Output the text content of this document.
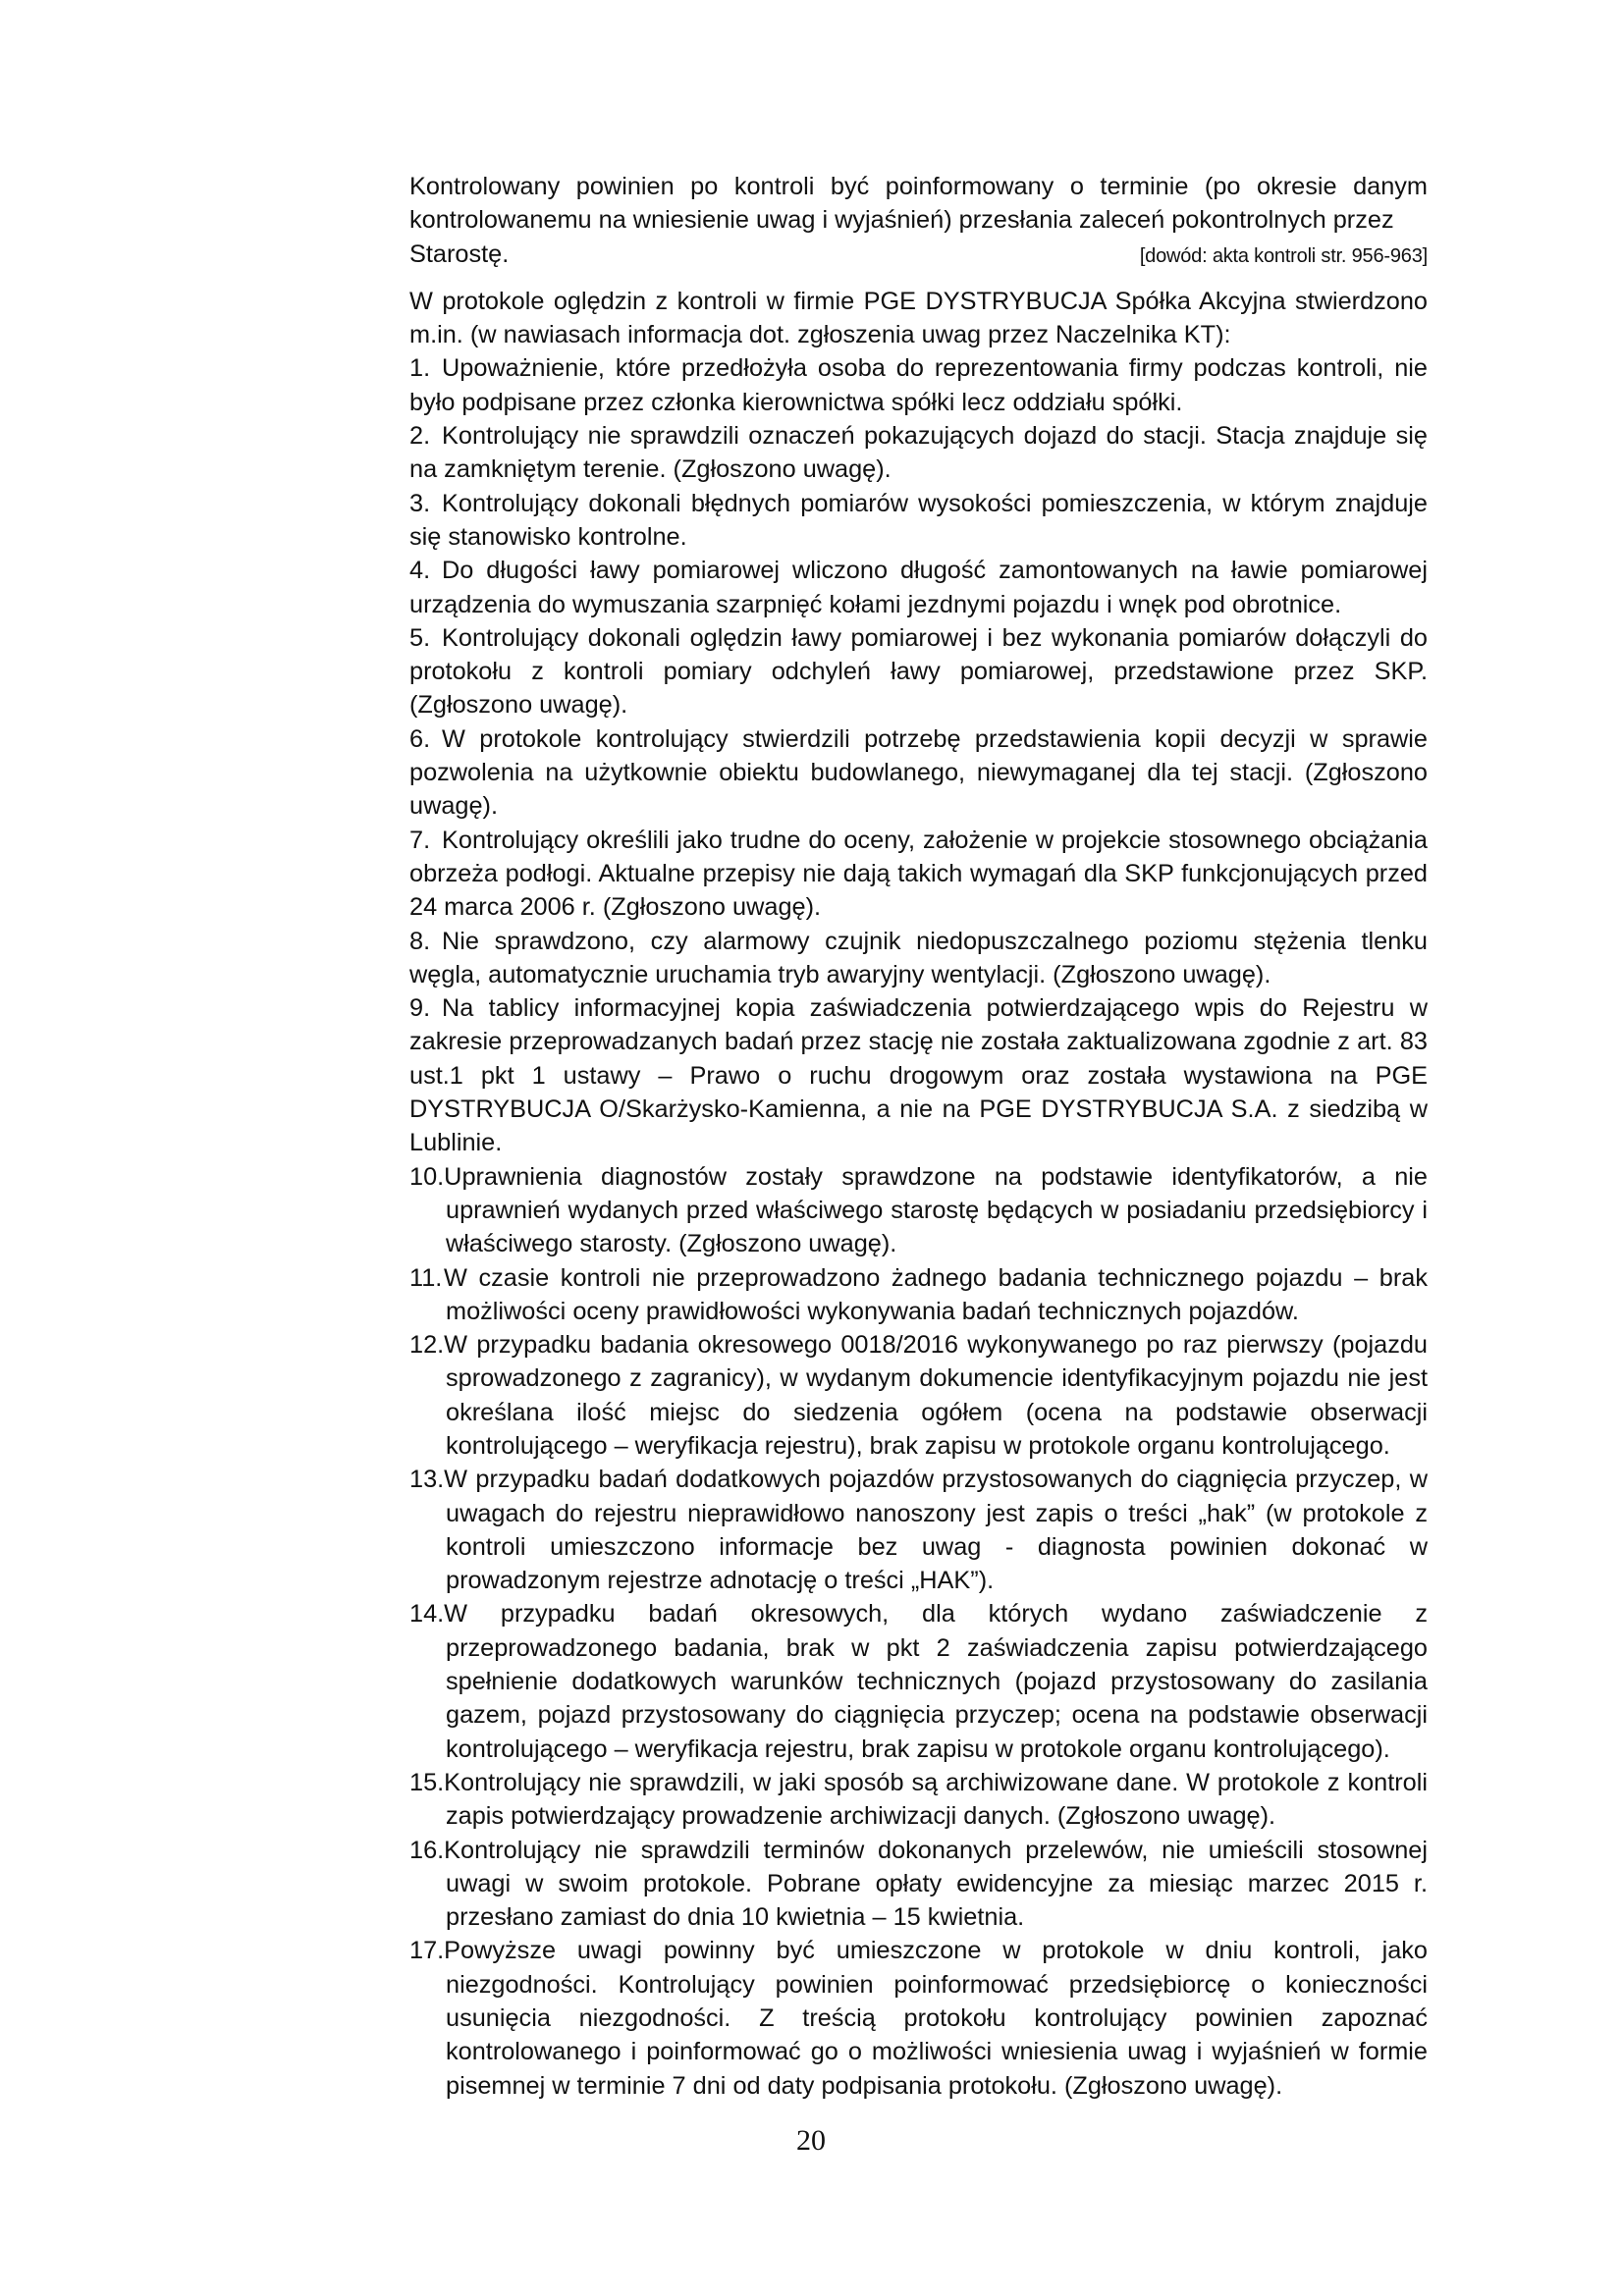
Kontrolowany powinien po kontroli być poinformowany o terminie (po okresie danym kontrolowanemu na wniesienie uwag i wyjaśnień) przesłania zaleceń pokontrolnych przez

Starostę.	[dowód: akta kontroli str. 956-963]

W protokole oględzin z kontroli w firmie PGE DYSTRYBUCJA Spółka Akcyjna stwierdzono m.in. (w nawiasach informacja dot. zgłoszenia uwag przez Naczelnika KT):

1. Upoważnienie, które przedłożyła osoba do reprezentowania firmy podczas kontroli, nie było podpisane przez członka kierownictwa spółki lecz oddziału spółki.
2. Kontrolujący nie sprawdzili oznaczeń pokazujących dojazd do stacji. Stacja znajduje się na zamkniętym terenie. (Zgłoszono uwagę).
3. Kontrolujący dokonali błędnych pomiarów wysokości pomieszczenia, w którym znajduje się stanowisko kontrolne.
4. Do długości ławy pomiarowej wliczono długość zamontowanych na ławie pomiarowej urządzenia do wymuszania szarpnięć kołami jezdnymi pojazdu i wnęk pod obrotnice.
5. Kontrolujący dokonali oględzin ławy pomiarowej i bez wykonania pomiarów dołączyli do protokołu z kontroli pomiary odchyleń ławy pomiarowej, przedstawione przez SKP. (Zgłoszono uwagę).
6. W protokole kontrolujący stwierdzili potrzebę przedstawienia kopii decyzji w sprawie pozwolenia na użytkownie obiektu budowlanego, niewymaganej dla tej stacji. (Zgłoszono uwagę).
7. Kontrolujący określili jako trudne do oceny, założenie w projekcie stosownego obciążania obrzeża podłogi. Aktualne przepisy nie dają takich wymagań dla SKP funkcjonujących przed 24 marca 2006 r. (Zgłoszono uwagę).
8. Nie sprawdzono, czy alarmowy czujnik niedopuszczalnego poziomu stężenia tlenku węgla, automatycznie uruchamia tryb awaryjny wentylacji. (Zgłoszono uwagę).
9. Na tablicy informacyjnej kopia zaświadczenia potwierdzającego wpis do Rejestru w zakresie przeprowadzanych badań przez stację nie została zaktualizowana zgodnie z art. 83 ust.1 pkt 1 ustawy – Prawo o ruchu drogowym oraz została wystawiona na PGE DYSTRYBUCJA O/Skarżysko-Kamienna, a nie na PGE DYSTRYBUCJA S.A. z siedzibą w Lublinie.
10.Uprawnienia diagnostów zostały sprawdzone na podstawie identyfikatorów, a nie uprawnień wydanych przed właściwego starostę będących w posiadaniu przedsiębiorcy i właściwego starosty. (Zgłoszono uwagę).
11.W czasie kontroli nie przeprowadzono żadnego badania technicznego pojazdu – brak możliwości oceny prawidłowości wykonywania badań technicznych pojazdów.
12.W przypadku badania okresowego 0018/2016 wykonywanego po raz pierwszy (pojazdu sprowadzonego z zagranicy), w wydanym dokumencie identyfikacyjnym pojazdu nie jest określana ilość miejsc do siedzenia ogółem (ocena na podstawie obserwacji kontrolującego – weryfikacja rejestru), brak zapisu w protokole organu kontrolującego.
13.W przypadku badań dodatkowych pojazdów przystosowanych do ciągnięcia przyczep, w uwagach do rejestru nieprawidłowo nanoszony jest zapis o treści „hak” (w protokole z kontroli umieszczono informacje bez uwag - diagnosta powinien dokonać w prowadzonym rejestrze adnotację o treści „HAK”).
14.W przypadku badań okresowych, dla których wydano zaświadczenie z przeprowadzonego badania, brak w pkt 2 zaświadczenia zapisu potwierdzającego spełnienie dodatkowych warunków technicznych (pojazd przystosowany do zasilania gazem, pojazd przystosowany do ciągnięcia przyczep; ocena na podstawie obserwacji kontrolującego – weryfikacja rejestru, brak zapisu w protokole organu kontrolującego).
15.Kontrolujący nie sprawdzili, w jaki sposób są archiwizowane dane. W protokole z kontroli zapis potwierdzający prowadzenie archiwizacji danych. (Zgłoszono uwagę).
16.Kontrolujący nie sprawdzili terminów dokonanych przelewów, nie umieścili stosownej uwagi w swoim protokole. Pobrane opłaty ewidencyjne za miesiąc marzec 2015 r. przesłano zamiast do dnia 10 kwietnia – 15 kwietnia.
17.Powyższe uwagi powinny być umieszczone w protokole w dniu kontroli, jako niezgodności. Kontrolujący powinien poinformować przedsiębiorcę o konieczności usunięcia niezgodności. Z treścią protokołu kontrolujący powinien zapoznać kontrolowanego i poinformować go o możliwości wniesienia uwag i wyjaśnień w formie pisemnej w terminie 7 dni od daty podpisania protokołu. (Zgłoszono uwagę).
20
